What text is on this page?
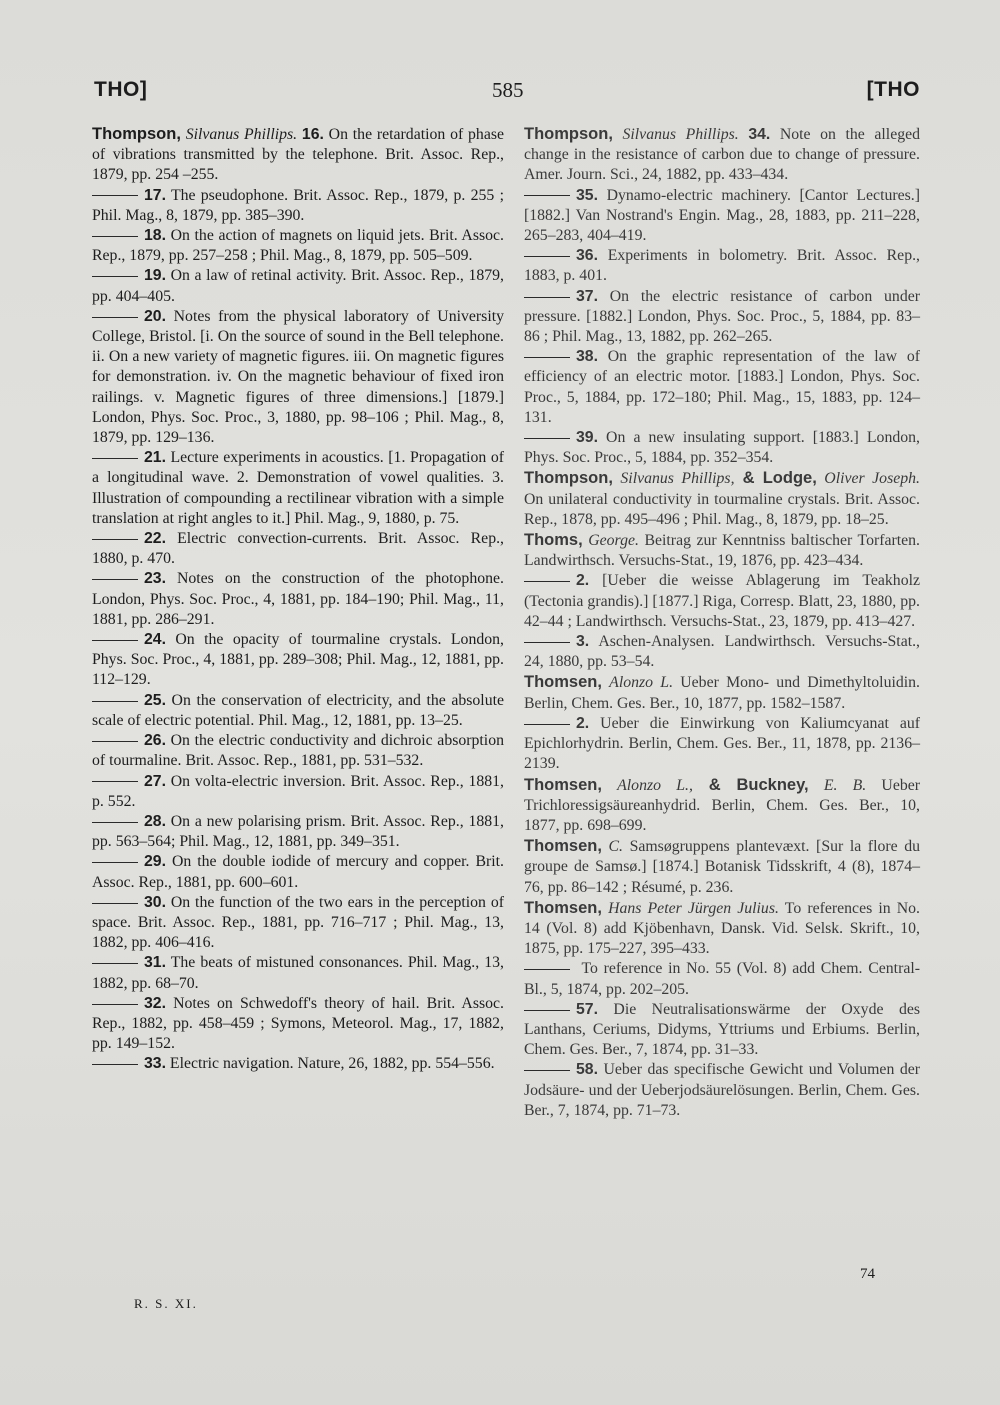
THO]	585	[THO

Thompson, Silvanus Phillips. 16. On the retardation of phase of vibrations transmitted by the telephone. Brit. Assoc. Rep., 1879, pp. 254 –255.

17. The pseudophone. Brit. Assoc. Rep., 1879, p. 255 ; Phil. Mag., 8, 1879, pp. 385–390.

18. On the action of magnets on liquid jets. Brit. Assoc. Rep., 1879, pp. 257–258 ; Phil. Mag., 8, 1879, pp. 505–509.

19. On a law of retinal activity. Brit. Assoc. Rep., 1879, pp. 404–405.

20. Notes from the physical laboratory of University College, Bristol. [i. On the source of sound in the Bell telephone. ii. On a new variety of magnetic figures. iii. On magnetic figures for demonstration. iv. On the magnetic behaviour of fixed iron railings. v. Magnetic figures of three dimensions.] [1879.] London, Phys. Soc. Proc., 3, 1880, pp. 98–106 ; Phil. Mag., 8, 1879, pp. 129–136.

21. Lecture experiments in acoustics. [1. Propagation of a longitudinal wave. 2. Demonstration of vowel qualities. 3. Illustration of compounding a rectilinear vibration with a simple translation at right angles to it.] Phil. Mag., 9, 1880, p. 75.

22. Electric convection-currents. Brit. Assoc. Rep., 1880, p. 470.

23. Notes on the construction of the photophone. London, Phys. Soc. Proc., 4, 1881, pp. 184–190; Phil. Mag., 11, 1881, pp. 286–291.

24. On the opacity of tourmaline crystals. London, Phys. Soc. Proc., 4, 1881, pp. 289–308; Phil. Mag., 12, 1881, pp. 112–129.

25. On the conservation of electricity, and the absolute scale of electric potential. Phil. Mag., 12, 1881, pp. 13–25.

26. On the electric conductivity and dichroic absorption of tourmaline. Brit. Assoc. Rep., 1881, pp. 531–532.

27. On volta-electric inversion. Brit. Assoc. Rep., 1881, p. 552.

28. On a new polarising prism. Brit. Assoc. Rep., 1881, pp. 563–564; Phil. Mag., 12, 1881, pp. 349–351.

29. On the double iodide of mercury and copper. Brit. Assoc. Rep., 1881, pp. 600–601.

30. On the function of the two ears in the perception of space. Brit. Assoc. Rep., 1881, pp. 716–717 ; Phil. Mag., 13, 1882, pp. 406–416.

31. The beats of mistuned consonances. Phil. Mag., 13, 1882, pp. 68–70.

32. Notes on Schwedoff's theory of hail. Brit. Assoc. Rep., 1882, pp. 458–459 ; Symons, Meteorol. Mag., 17, 1882, pp. 149–152.

33. Electric navigation. Nature, 26, 1882, pp. 554–556.

Thompson, Silvanus Phillips. 34. Note on the alleged change in the resistance of carbon due to change of pressure. Amer. Journ. Sci., 24, 1882, pp. 433–434.

35. Dynamo-electric machinery. [Cantor Lectures.] [1882.] Van Nostrand's Engin. Mag., 28, 1883, pp. 211–228, 265–283, 404–419.

36. Experiments in bolometry. Brit. Assoc. Rep., 1883, p. 401.

37. On the electric resistance of carbon under pressure. [1882.] London, Phys. Soc. Proc., 5, 1884, pp. 83–86 ; Phil. Mag., 13, 1882, pp. 262–265.

38. On the graphic representation of the law of efficiency of an electric motor. [1883.] London, Phys. Soc. Proc., 5, 1884, pp. 172–180; Phil. Mag., 15, 1883, pp. 124–131.

39. On a new insulating support. [1883.] London, Phys. Soc. Proc., 5, 1884, pp. 352–354.

Thompson, Silvanus Phillips, & Lodge, Oliver Joseph. On unilateral conductivity in tourmaline crystals. Brit. Assoc. Rep., 1878, pp. 495–496 ; Phil. Mag., 8, 1879, pp. 18–25.

Thoms, George. Beitrag zur Kenntniss baltischer Torfarten. Landwirthsch. Versuchs-Stat., 19, 1876, pp. 423–434.

2. [Ueber die weisse Ablagerung im Teakholz (Tectonia grandis).] [1877.] Riga, Corresp. Blatt, 23, 1880, pp. 42–44 ; Landwirthsch. Versuchs-Stat., 23, 1879, pp. 413–427.

3. Aschen-Analysen. Landwirthsch. Versuchs-Stat., 24, 1880, pp. 53–54.

Thomsen, Alonzo L. Ueber Mono- und Dimethyltoluidin. Berlin, Chem. Ges. Ber., 10, 1877, pp. 1582–1587.

2. Ueber die Einwirkung von Kaliumcyanat auf Epichlorhydrin. Berlin, Chem. Ges. Ber., 11, 1878, pp. 2136–2139.

Thomsen, Alonzo L., & Buckney, E. B. Ueber Trichloressigsäureanhydrid. Berlin, Chem. Ges. Ber., 10, 1877, pp. 698–699.

Thomsen, C. Samsøgruppens plantevæxt. [Sur la flore du groupe de Samsø.] [1874.] Botanisk Tidsskrift, 4 (8), 1874–76, pp. 86–142 ; Résumé, p. 236.

Thomsen, Hans Peter Jürgen Julius. To references in No. 14 (Vol. 8) add Kjöbenhavn, Dansk. Vid. Selsk. Skrift., 10, 1875, pp. 175–227, 395–433.

To reference in No. 55 (Vol. 8) add Chem. Central-Bl., 5, 1874, pp. 202–205.

57. Die Neutralisationswärme der Oxyde des Lanthans, Ceriums, Didyms, Yttriums und Erbiums. Berlin, Chem. Ges. Ber., 7, 1874, pp. 31–33.

58. Ueber das specifische Gewicht und Volumen der Jodsäure- und der Ueberjodsäurelösungen. Berlin, Chem. Ges. Ber., 7, 1874, pp. 71–73.

R. S. XI.
74
